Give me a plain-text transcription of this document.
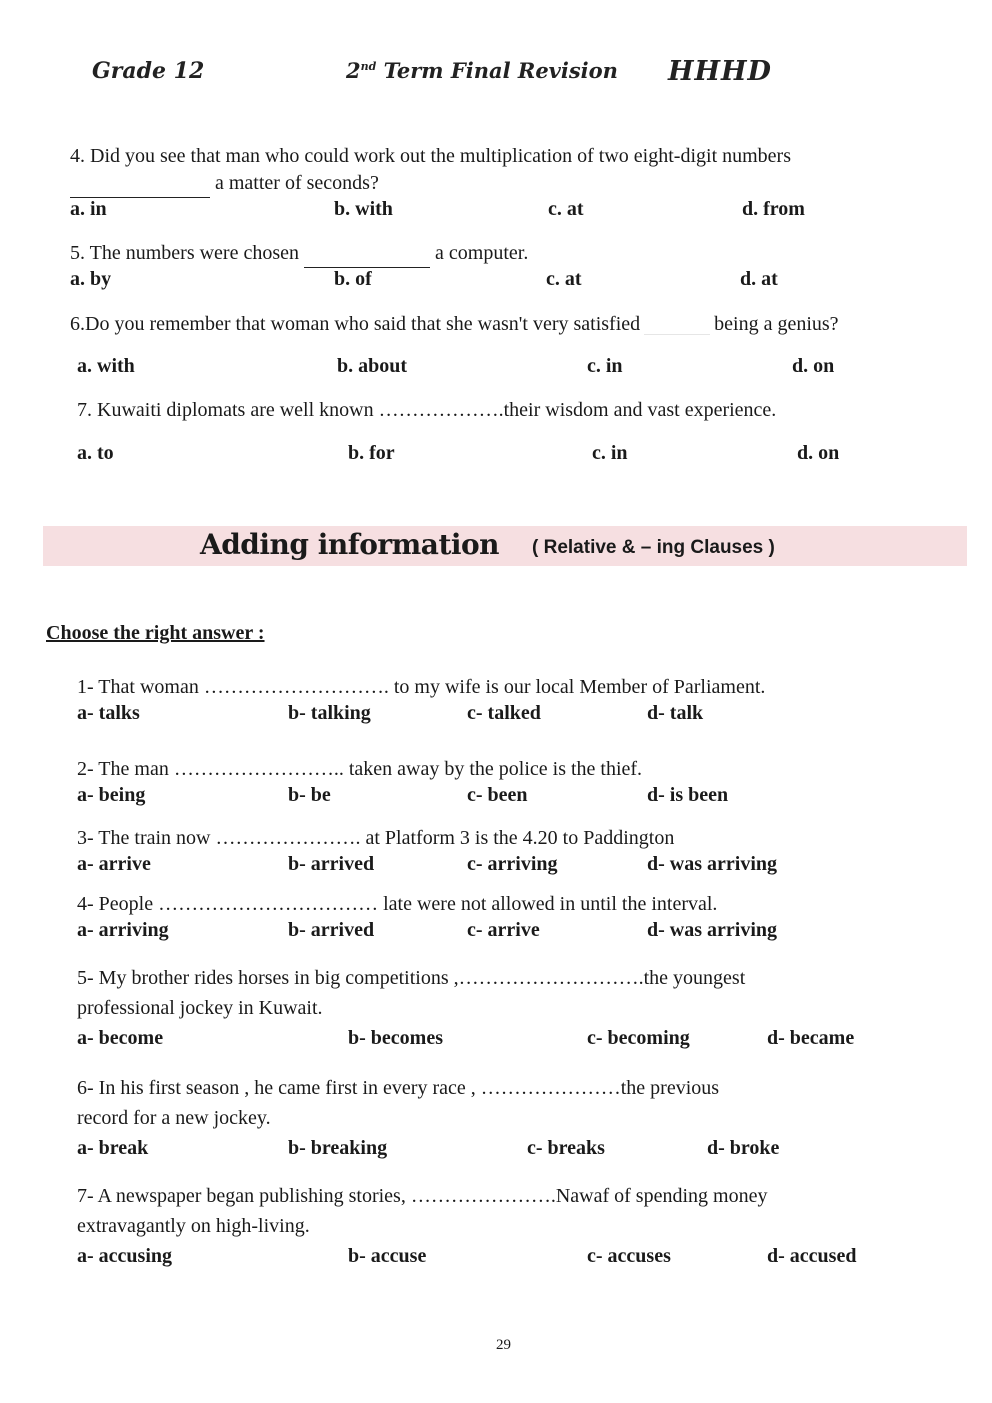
Grade 12	2nd Term Final Revision HHHD
4. Did you see that man who could work out the multiplication of two eight-digit numbers
a matter of seconds?
a. in	b. with	c. at	d. from
5. The numbers were chosen	a computer.
a. by	b. of	c. at	d. at
6.Do you remember that woman who said that she wasn't very satisfied	being a genius?
a. with	b. about	c. in	d. on
7. Kuwaiti diplomats are well known ……………….their wisdom and vast experience.
a. to	b. for	c. in	d. on
Adding information ( Relative & – ing Clauses )
Choose the right answer :
1- That woman ………………………. to my wife is our local Member of Parliament.
a- talks	b- talking	c- talked	d- talk
2- The man …………………….. taken away by the police is the thief.
a- being	b- be	c- been	d- is been
3- The train now …………………. at Platform 3 is the 4.20 to Paddington
a- arrive	b- arrived	c- arriving	d- was arriving
4- People …………………………… late were not allowed in until the interval.
a- arriving	b- arrived	c- arrive	d- was arriving
5- My brother rides horses in big competitions ,……………………….the youngest
professional jockey in Kuwait.
a- become	b- becomes	c- becoming	d- became
6- In his first season , he came first in every race , …………………the previous
record for a new jockey.
a- break	b- breaking	c- breaks	d- broke
7- A newspaper began publishing stories, ………………….Nawaf of spending money
extravagantly on high-living.
a- accusing	b- accuse	c- accuses	d- accused
29
